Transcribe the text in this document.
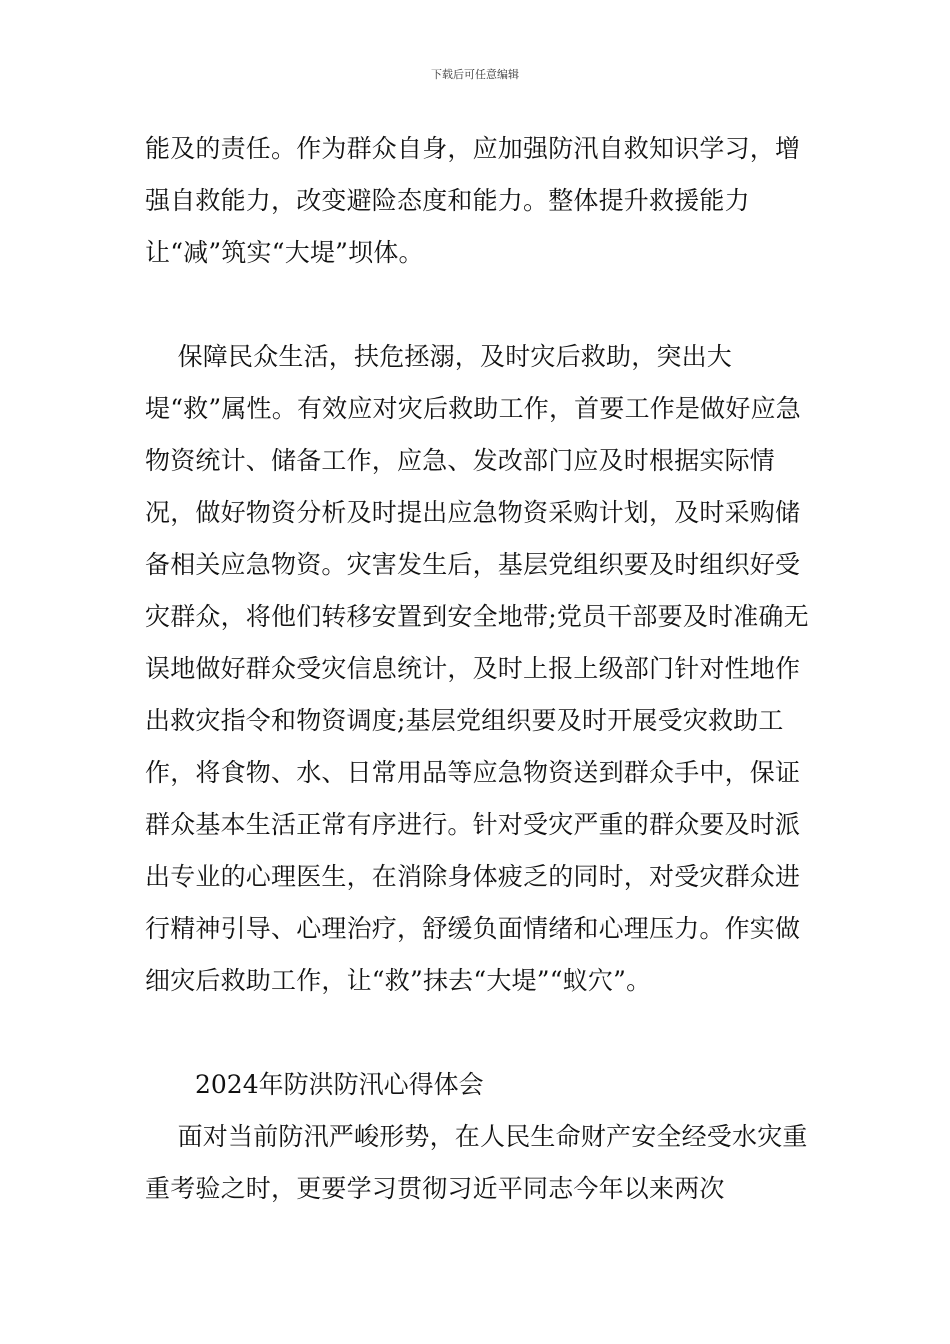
下载后可任意编辑

能及的责任。作为群众自身，应加强防汛自救知识学习，增强自救能力，改变避险态度和能力。整体提升救援能力让“减”筑实“大堤”坝体。

保障民众生活，扶危拯溺，及时灾后救助，突出大堤“救”属性。有效应对灾后救助工作，首要工作是做好应急物资统计、储备工作，应急、发改部门应及时根据实际情况，做好物资分析及时提出应急物资采购计划，及时采购储备相关应急物资。灾害发生后，基层党组织要及时组织好受灾群众，将他们转移安置到安全地带;党员干部要及时准确无误地做好群众受灾信息统计，及时上报上级部门针对性地作出救灾指令和物资调度;基层党组织要及时开展受灾救助工作，将食物、水、日常用品等应急物资送到群众手中，保证群众基本生活正常有序进行。针对受灾严重的群众要及时派出专业的心理医生，在消除身体疲乏的同时，对受灾群众进行精神引导、心理治疗，舒缓负面情绪和心理压力。作实做细灾后救助工作，让“救”抹去“大堤”“蚁穴”。

2024年防洪防汛心得体会

面对当前防汛严峻形势，在人民生命财产安全经受水灾重重考验之时，更要学习贯彻习近平同志今年以来两次
